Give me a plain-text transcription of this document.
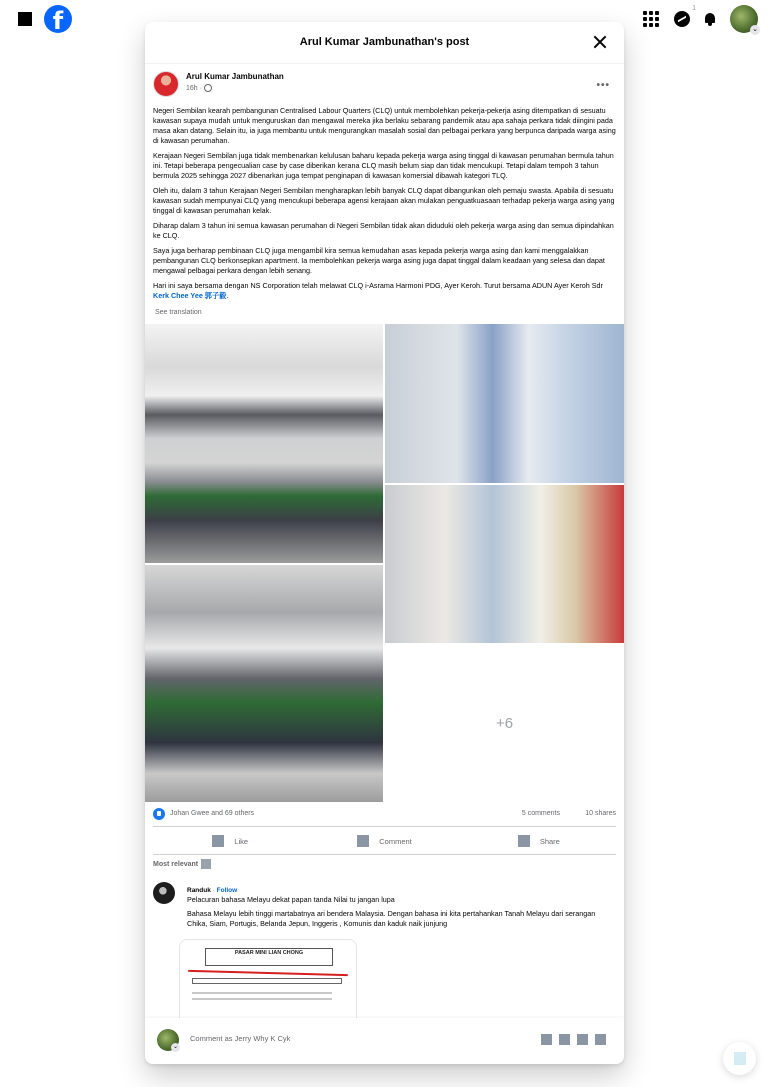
f	1
⌄
Arul Kumar Jambunathan's post
Arul Kumar Jambunathan
16h ·	•••

Negeri Sembilan kearah pembangunan Centralised Labour Quarters (CLQ) untuk membolehkan pekerja-pekerja asing ditempatkan di sesuatu kawasan supaya mudah untuk menguruskan dan mengawal mereka jika berlaku sebarang pandemik atau apa sahaja perkara tidak diingini pada masa akan datang. Selain itu, ia juga membantu untuk mengurangkan masalah sosial dan pelbagai perkara yang berpunca daripada warga asing di kawasan perumahan.

Kerajaan Negeri Sembilan juga tidak membenarkan kelulusan baharu kepada pekerja warga asing tinggal di kawasan perumahan bermula tahun ini. Tetapi beberapa pengecualian case by case diberikan kerana CLQ masih belum siap dan tidak mencukupi. Tetapi dalam tempoh 3 tahun bermula 2025 sehingga 2027 dibenarkan juga tempat penginapan di kawasan komersial dibawah kategori TLQ.

Oleh itu, dalam 3 tahun Kerajaan Negeri Sembilan mengharapkan lebih banyak CLQ dapat dibangunkan oleh pemaju swasta. Apabila di sesuatu kawasan sudah mempunyai CLQ yang mencukupi beberapa agensi kerajaan akan mulakan penguatkuasaan terhadap pekerja warga asing yang tinggal di kawasan perumahan kelak.

Diharap dalam 3 tahun ini semua kawasan perumahan di Negeri Sembilan tidak akan diduduki oleh pekerja warga asing dan semua dipindahkan ke CLQ.

Saya juga berharap pembinaan CLQ juga mengambil kira semua kemudahan asas kepada pekerja warga asing dan kami menggalakkan pembangunan CLQ berkonsepkan apartment. Ia membolehkan pekerja warga asing juga dapat tinggal dalam keadaan yang selesa dan dapat mengawal pelbagai perkara dengan lebih senang.

Hari ini saya bersama dengan NS Corporation telah melawat CLQ i-Asrama Harmoni PDG, Ayer Keroh. Turut bersama ADUN Ayer Keroh Sdr Kerk Chee Yee 郭子毅.

See translation
+6
Johan Gwee and 69 others	5 comments	10 shares
Like	Comment	Share
Most relevant
Randuk · Follow
Pelacuran bahasa Melayu dekat papan tanda Nilai tu jangan lupa
Bahasa Melayu lebih tinggi martabatnya ari bendera Malaysia. Dengan bahasa ini kita pertahankan Tanah Melayu dari serangan Chika, Siam, Portugis, Belanda Jepun, Inggeris , Komunis dan kaduk naik junjung
PASAR MINI LIAN CHONG
⌄
Comment as Jerry Why K Cyk
